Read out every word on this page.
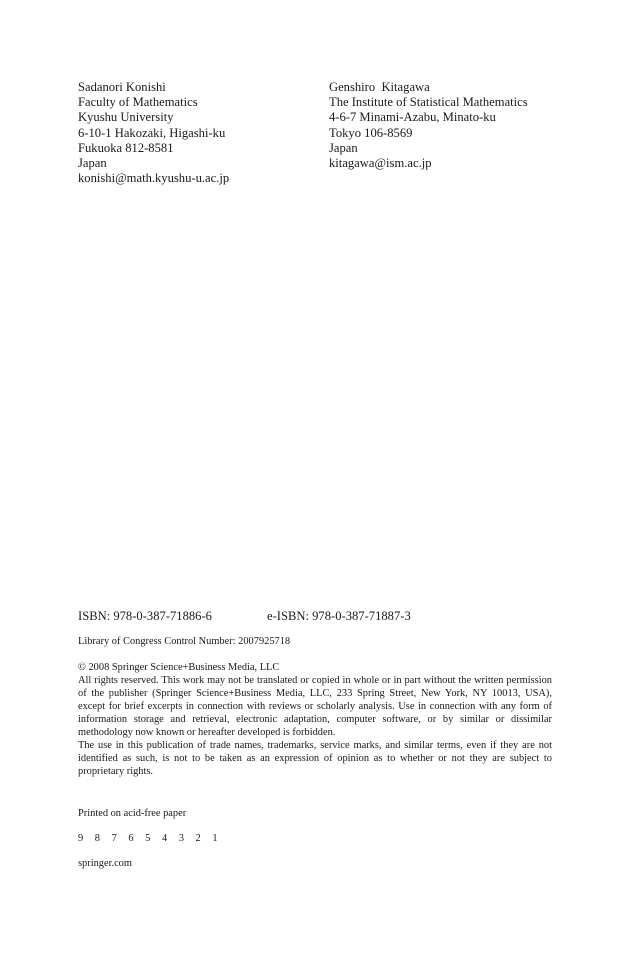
Sadanori Konishi
Faculty of Mathematics
Kyushu University
6-10-1 Hakozaki, Higashi-ku
Fukuoka 812-8581
Japan
konishi@math.kyushu-u.ac.jp
Genshiro  Kitagawa
The Institute of Statistical Mathematics
4-6-7 Minami-Azabu, Minato-ku
Tokyo 106-8569
Japan
kitagawa@ism.ac.jp
ISBN: 978-0-387-71886-6	e-ISBN: 978-0-387-71887-3
Library of Congress Control Number: 2007925718
© 2008 Springer Science+Business Media, LLC
All rights reserved. This work may not be translated or copied in whole or in part without the written permission of the publisher (Springer Science+Business Media, LLC, 233 Spring Street, New York, NY 10013, USA), except for brief excerpts in connection with reviews or scholarly analysis. Use in connection with any form of information storage and retrieval, electronic adaptation, computer software, or by similar or dissimilar methodology now known or hereafter developed is forbidden.
The use in this publication of trade names, trademarks, service marks, and similar terms, even if they are not identified as such, is not to be taken as an expression of opinion as to whether or not they are subject to proprietary rights.
Printed on acid-free paper
9 8 7 6 5 4 3 2 1
springer.com
